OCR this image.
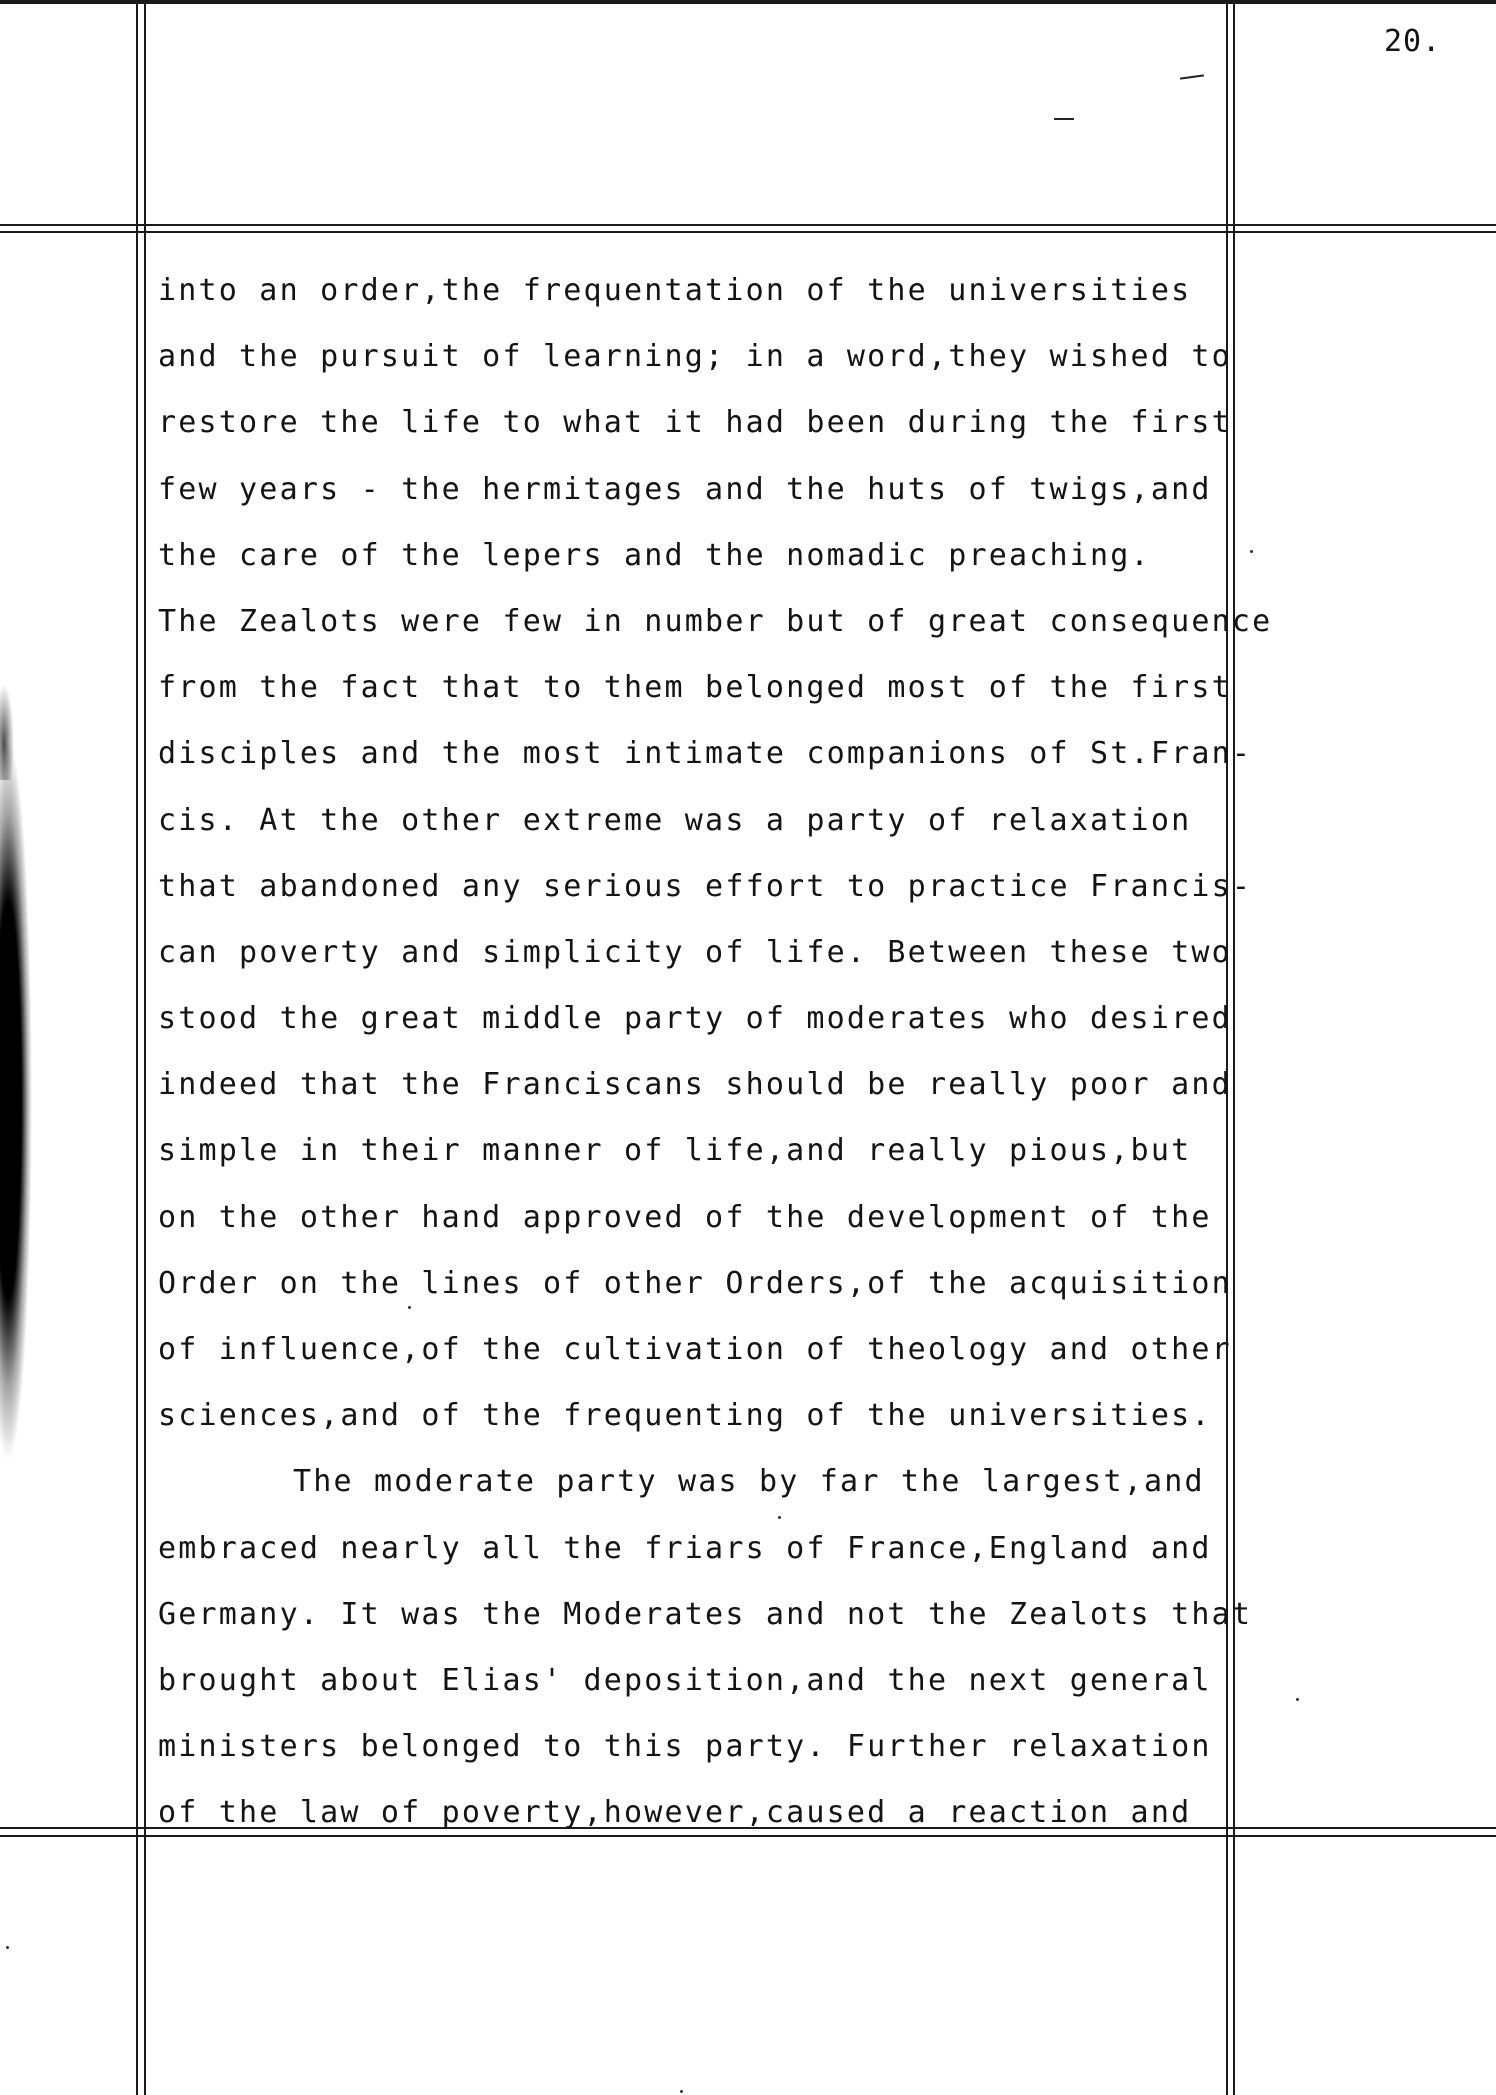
20.
into an order,the frequentation of the universities
and the pursuit of learning; in a word,they wished to
restore the life to what it had been during the first
few years - the hermitages and the huts of twigs,and
the care of the lepers and the nomadic preaching.
The Zealots were few in number but of great consequence
from the fact that to them belonged most of the first
disciples and the most intimate companions of St.Fran-
cis. At the other extreme was a party of relaxation
that abandoned any serious effort to practice Francis-
can poverty and simplicity of life. Between these two
stood the great middle party of moderates who desired
indeed that the Franciscans should be really poor and
simple in their manner of life,and really pious,but
on the other hand approved of the development of the
Order on the lines of other Orders,of the acquisition
of influence,of the cultivation of theology and other
sciences,and of the frequenting of the universities.
The moderate party was by far the largest,and
embraced nearly all the friars of France,England and
Germany. It was the Moderates and not the Zealots that
brought about Elias' deposition,and the next general
ministers belonged to this party. Further relaxation
of the law of poverty,however,caused a reaction and
